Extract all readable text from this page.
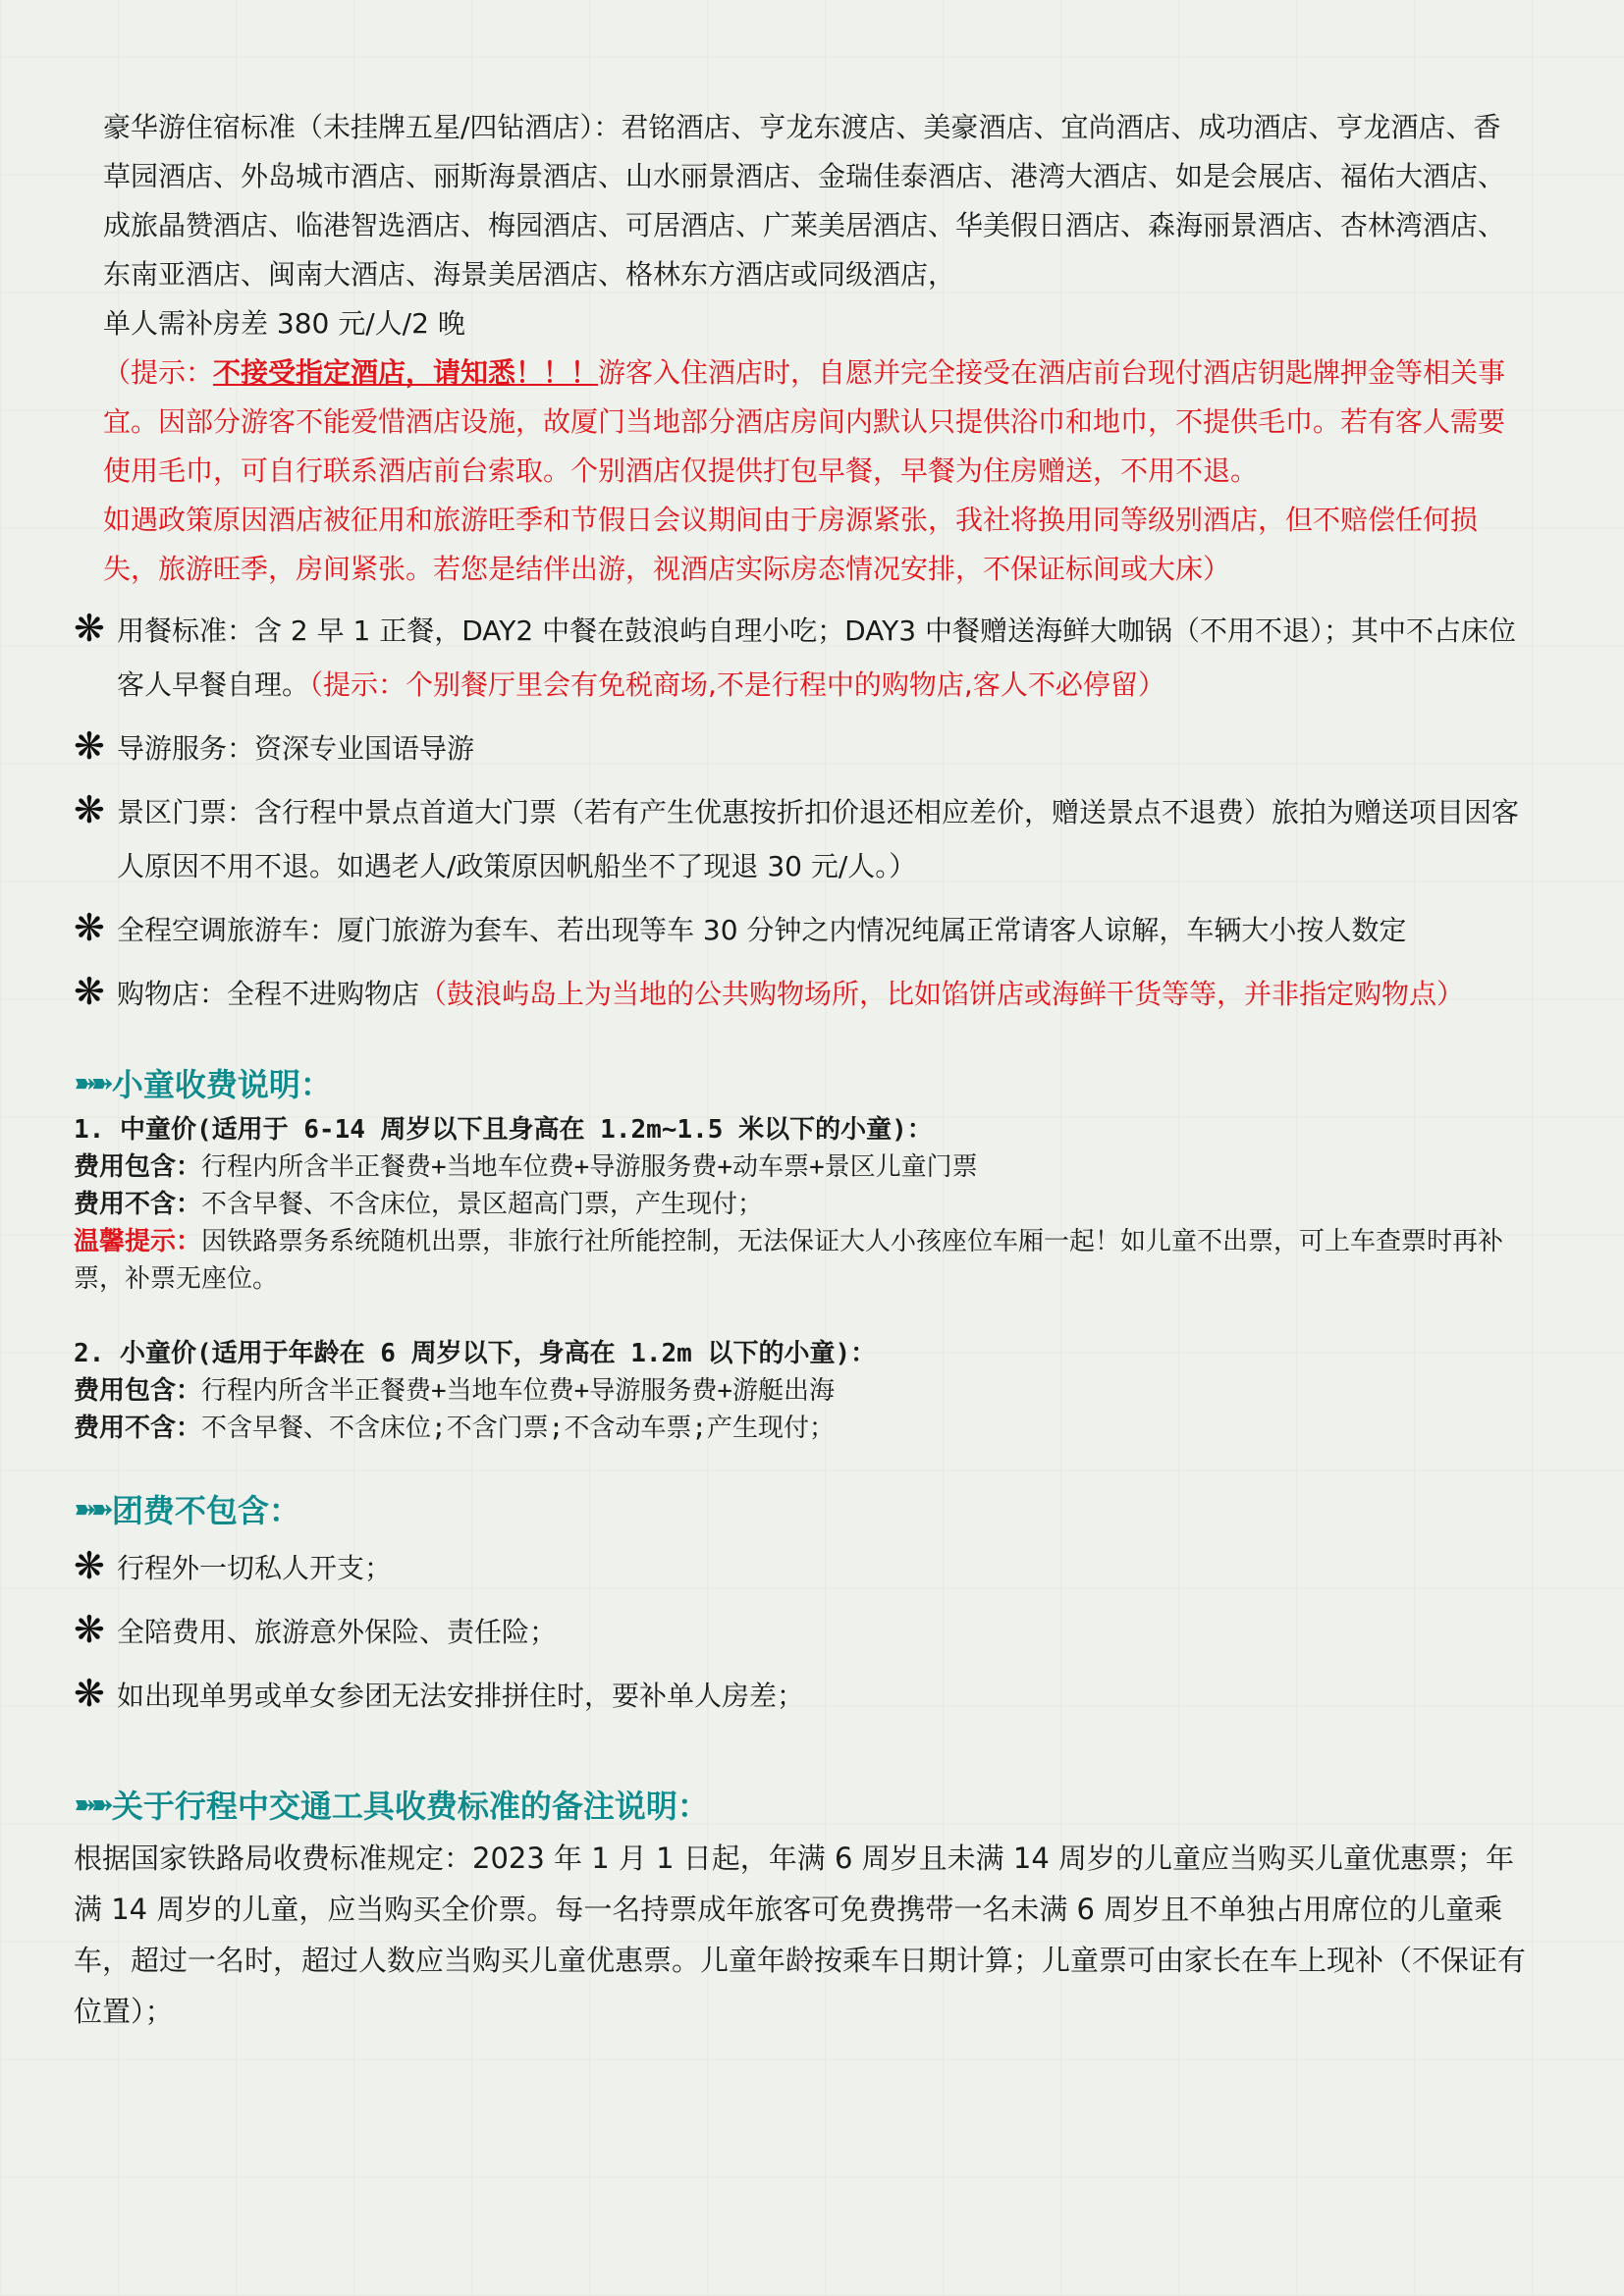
豪华游住宿标准（未挂牌五星/四钻酒店）：君铭酒店、亨龙东渡店、美豪酒店、宜尚酒店、成功酒店、亨龙酒店、香草园酒店、外岛城市酒店、丽斯海景酒店、山水丽景酒店、金瑞佳泰酒店、港湾大酒店、如是会展店、福佑大酒店、成旅晶赞酒店、临港智选酒店、梅园酒店、可居酒店、广莱美居酒店、华美假日酒店、森海丽景酒店、杏林湾酒店、东南亚酒店、闽南大酒店、海景美居酒店、格林东方酒店或同级酒店，
单人需补房差 380 元/人/2 晚
（提示：不接受指定酒店，请知悉！！！游客入住酒店时，自愿并完全接受在酒店前台现付酒店钥匙牌押金等相关事宜。因部分游客不能爱惜酒店设施，故厦门当地部分酒店房间内默认只提供浴巾和地巾，不提供毛巾。若有客人需要使用毛巾，可自行联系酒店前台索取。个别酒店仅提供打包早餐，早餐为住房赠送，不用不退。
如遇政策原因酒店被征用和旅游旺季和节假日会议期间由于房源紧张，我社将换用同等级别酒店，但不赔偿任何损失，旅游旺季，房间紧张。若您是结伴出游，视酒店实际房态情况安排，不保证标间或大床）
❋ 用餐标准：含 2 早 1 正餐，DAY2 中餐在鼓浪屿自理小吃；DAY3 中餐赠送海鲜大咖锅（不用不退）；其中不占床位客人早餐自理。（提示：个别餐厅里会有免税商场,不是行程中的购物店,客人不必停留）
❋ 导游服务：资深专业国语导游
❋ 景区门票：含行程中景点首道大门票（若有产生优惠按折扣价退还相应差价，赠送景点不退费）旅拍为赠送项目因客人原因不用不退。如遇老人/政策原因帆船坐不了现退 30 元/人。）
❋ 全程空调旅游车：厦门旅游为套车、若出现等车 30 分钟之内情况纯属正常请客人谅解，车辆大小按人数定
❋ 购物店：全程不进购物店（鼓浪屿岛上为当地的公共购物场所，比如馅饼店或海鲜干货等等，并非指定购物点）
➽➽ 小童收费说明：
1. 中童价(适用于 6-14 周岁以下且身高在 1.2m~1.5 米以下的小童)：
费用包含：行程内所含半正餐费+当地车位费+导游服务费+动车票+景区儿童门票
费用不含：不含早餐、不含床位，景区超高门票，产生现付；
温馨提示：因铁路票务系统随机出票，非旅行社所能控制，无法保证大人小孩座位车厢一起！如儿童不出票，可上车查票时再补票，补票无座位。
2. 小童价(适用于年龄在 6 周岁以下，身高在 1.2m 以下的小童)：
费用包含：行程内所含半正餐费+当地车位费+导游服务费+游艇出海
费用不含：不含早餐、不含床位;不含门票;不含动车票;产生现付；
➽➽ 团费不包含：
❋ 行程外一切私人开支；
❋ 全陪费用、旅游意外保险、责任险；
❋ 如出现单男或单女参团无法安排拼住时，要补单人房差；
➽➽ 关于行程中交通工具收费标准的备注说明：
根据国家铁路局收费标准规定：2023 年 1 月 1 日起，年满 6 周岁且未满 14 周岁的儿童应当购买儿童优惠票；年满 14 周岁的儿童，应当购买全价票。每一名持票成年旅客可免费携带一名未满 6 周岁且不单独占用席位的儿童乘车，超过一名时，超过人数应当购买儿童优惠票。儿童年龄按乘车日期计算；儿童票可由家长在车上现补（不保证有位置）；
